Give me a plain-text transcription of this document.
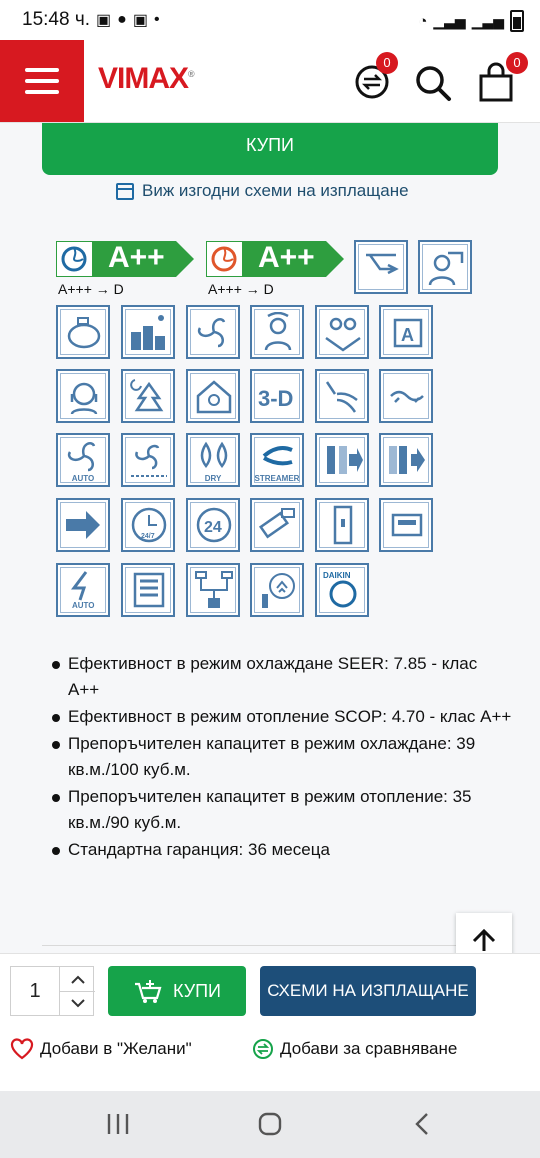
15:48 ч. ▣ ● ▣ •	◔ ▁▃▅ ▁▃▅
VIMAX®
0	0
КУПИ
Виж изгодни схеми на изплащане
A++
A+++ → D
A++
A+++ → D
A
3-D
AUTO	DRY	STREAMER
24/7
24
AUTO
DAIKIN
Ефективност в режим охлаждане SEER: 7.85 - клас А++
Ефективност в режим отопление SCOP: 4.70 - клас А++
Препоръчителен капацитет в режим охлаждане: 39 кв.м./100 куб.м.
Препоръчителен капацитет в режим отопление: 35 кв.м./90 куб.м.
Стандартна гаранция: 36 месеца
1	КУПИ	СХЕМИ НА ИЗПЛАЩАНЕ
Добави в "Желани"	Добави за сравняване
